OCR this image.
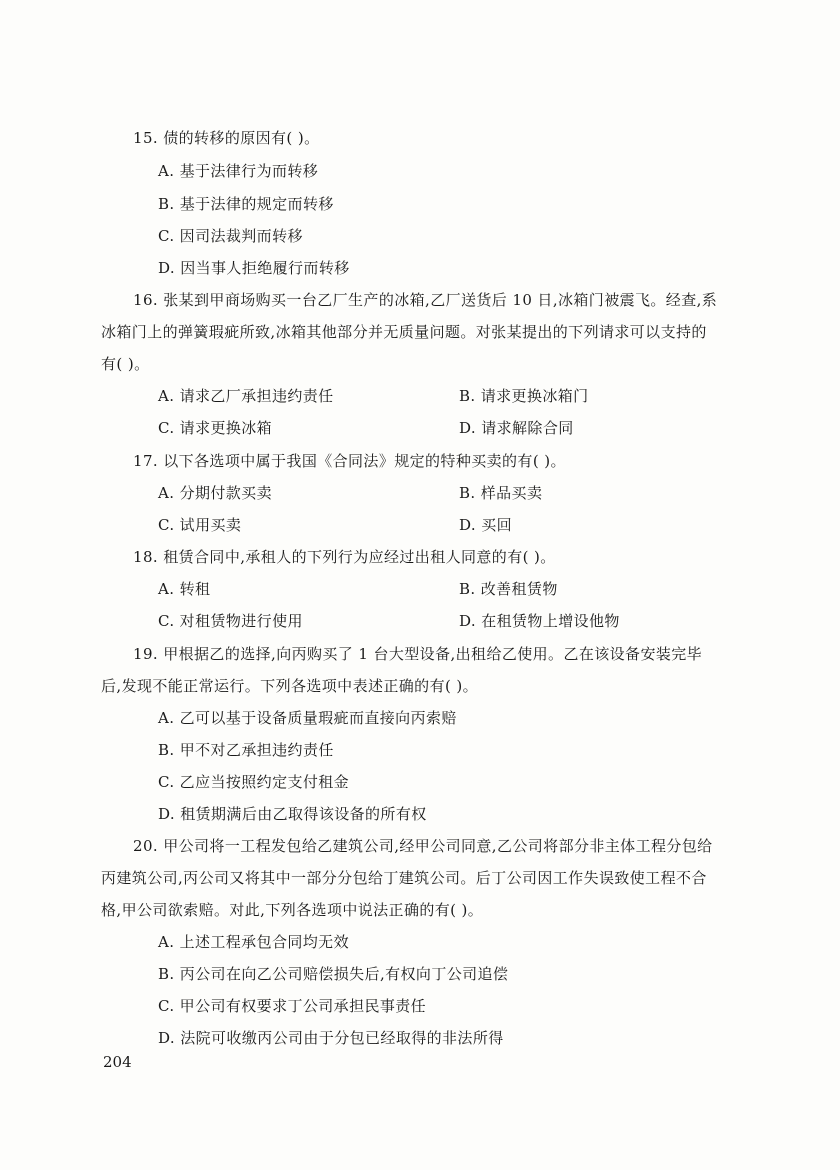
15. 债的转移的原因有( )。
A. 基于法律行为而转移
B. 基于法律的规定而转移
C. 因司法裁判而转移
D. 因当事人拒绝履行而转移
16. 张某到甲商场购买一台乙厂生产的冰箱,乙厂送货后 10 日,冰箱门被震飞。经查,系
冰箱门上的弹簧瑕疵所致,冰箱其他部分并无质量问题。对张某提出的下列请求可以支持的
有( )。
A. 请求乙厂承担违约责任	B. 请求更换冰箱门
C. 请求更换冰箱	D. 请求解除合同
17. 以下各选项中属于我国《合同法》规定的特种买卖的有( )。
A. 分期付款买卖	B. 样品买卖
C. 试用买卖	D. 买回
18. 租赁合同中,承租人的下列行为应经过出租人同意的有( )。
A. 转租	B. 改善租赁物
C. 对租赁物进行使用	D. 在租赁物上增设他物
19. 甲根据乙的选择,向丙购买了 1 台大型设备,出租给乙使用。乙在该设备安装完毕
后,发现不能正常运行。下列各选项中表述正确的有( )。
A. 乙可以基于设备质量瑕疵而直接向丙索赔
B. 甲不对乙承担违约责任
C. 乙应当按照约定支付租金
D. 租赁期满后由乙取得该设备的所有权
20. 甲公司将一工程发包给乙建筑公司,经甲公司同意,乙公司将部分非主体工程分包给
丙建筑公司,丙公司又将其中一部分分包给丁建筑公司。后丁公司因工作失误致使工程不合
格,甲公司欲索赔。对此,下列各选项中说法正确的有( )。
A. 上述工程承包合同均无效
B. 丙公司在向乙公司赔偿损失后,有权向丁公司追偿
C. 甲公司有权要求丁公司承担民事责任
D. 法院可收缴丙公司由于分包已经取得的非法所得
204
